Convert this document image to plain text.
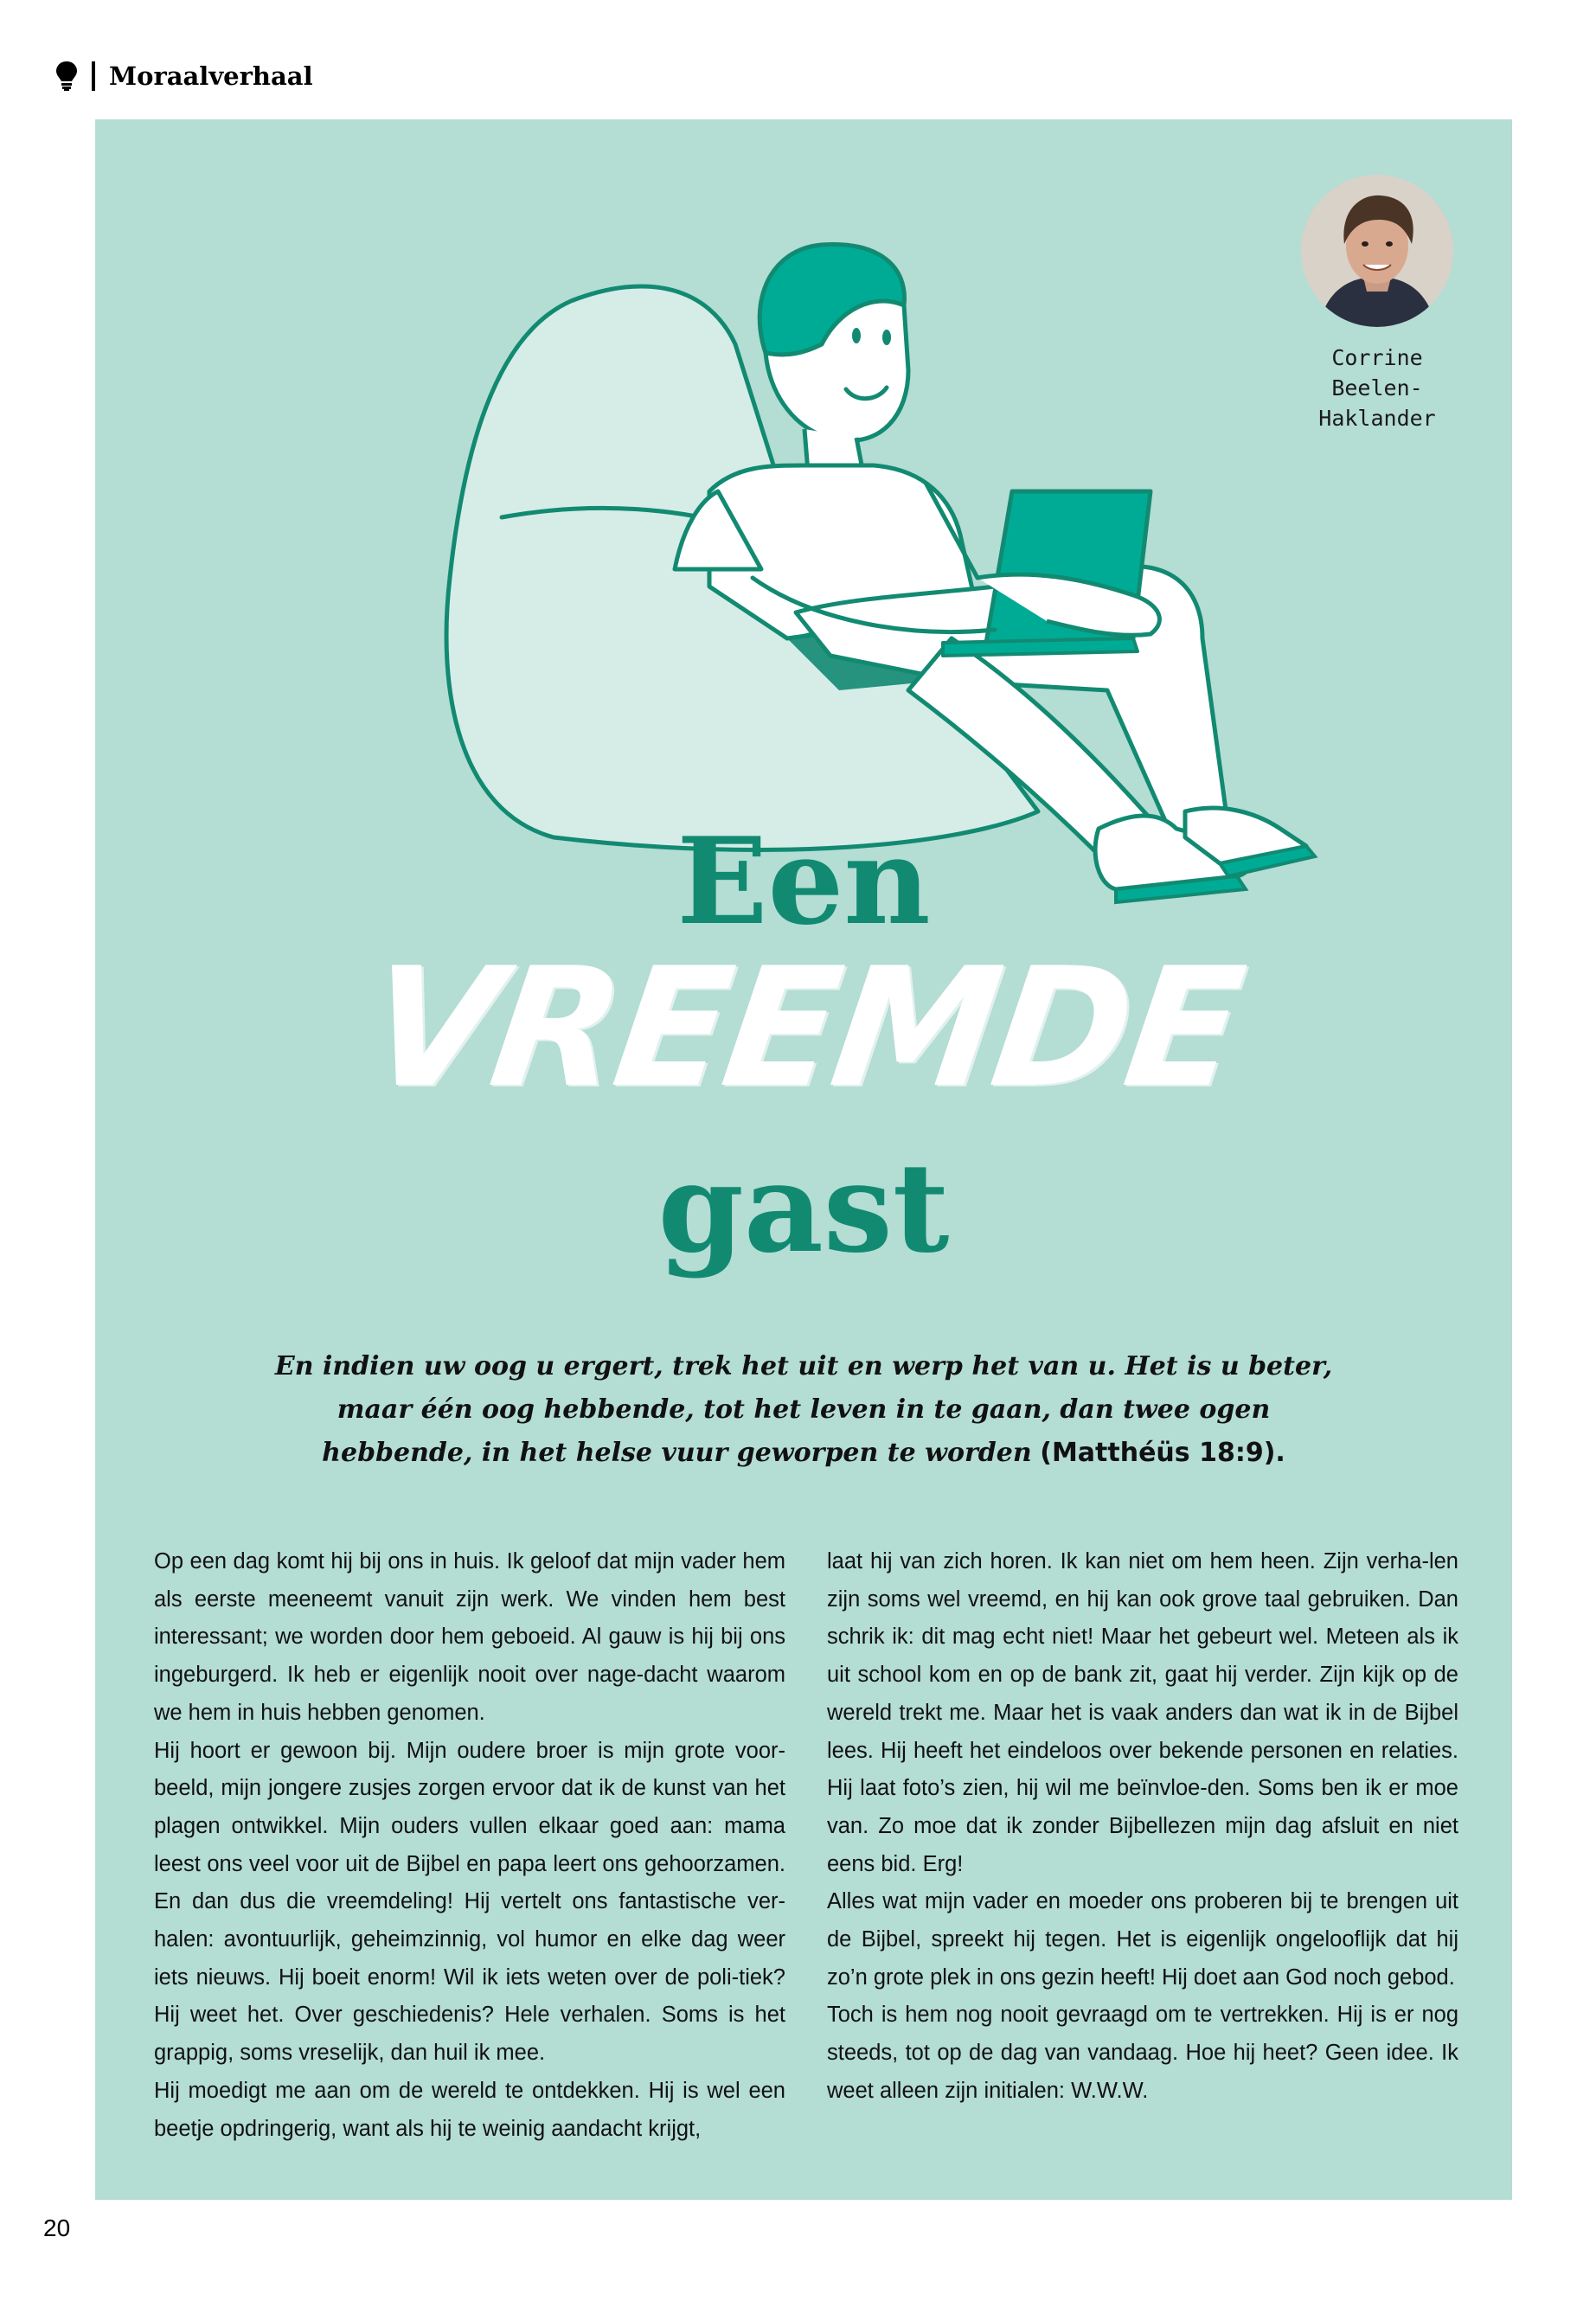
Moraalverhaal
Corrine
Beelen-
Haklander
Een
VREEMDE
gast
En indien uw oog u ergert, trek het uit en werp het van u. Het is u beter, maar één oog hebbende, tot het leven in te gaan, dan twee ogen hebbende, in het helse vuur geworpen te worden (Matthéüs 18:9).

Op een dag komt hij bij ons in huis. Ik geloof dat mijn vader hem als eerste meeneemt vanuit zijn werk. We vinden hem best interessant; we worden door hem geboeid. Al gauw is hij bij ons ingeburgerd. Ik heb er eigenlijk nooit over nage-dacht waarom we hem in huis hebben genomen.

Hij hoort er gewoon bij. Mijn oudere broer is mijn grote voor-beeld, mijn jongere zusjes zorgen ervoor dat ik de kunst van het plagen ontwikkel. Mijn ouders vullen elkaar goed aan: mama leest ons veel voor uit de Bijbel en papa leert ons gehoorzamen. En dan dus die vreemdeling! Hij vertelt ons fantastische ver-halen: avontuurlijk, geheimzinnig, vol humor en elke dag weer iets nieuws. Hij boeit enorm! Wil ik iets weten over de poli-tiek? Hij weet het. Over geschiedenis? Hele verhalen. Soms is het grappig, soms vreselijk, dan huil ik mee.

Hij moedigt me aan om de wereld te ontdekken. Hij is wel een beetje opdringerig, want als hij te weinig aandacht krijgt,

laat hij van zich horen. Ik kan niet om hem heen. Zijn verha-len zijn soms wel vreemd, en hij kan ook grove taal gebruiken. Dan schrik ik: dit mag echt niet! Maar het gebeurt wel. Meteen als ik uit school kom en op de bank zit, gaat hij verder. Zijn kijk op de wereld trekt me. Maar het is vaak anders dan wat ik in de Bijbel lees. Hij heeft het eindeloos over bekende personen en relaties. Hij laat foto’s zien, hij wil me beïnvloe-den. Soms ben ik er moe van. Zo moe dat ik zonder Bijbellezen mijn dag afsluit en niet eens bid. Erg!

Alles wat mijn vader en moeder ons proberen bij te brengen uit de Bijbel, spreekt hij tegen. Het is eigenlijk ongelooflijk dat hij zo’n grote plek in ons gezin heeft! Hij doet aan God noch gebod.

Toch is hem nog nooit gevraagd om te vertrekken. Hij is er nog steeds, tot op de dag van vandaag. Hoe hij heet? Geen idee. Ik weet alleen zijn initialen: W.W.W.

20
